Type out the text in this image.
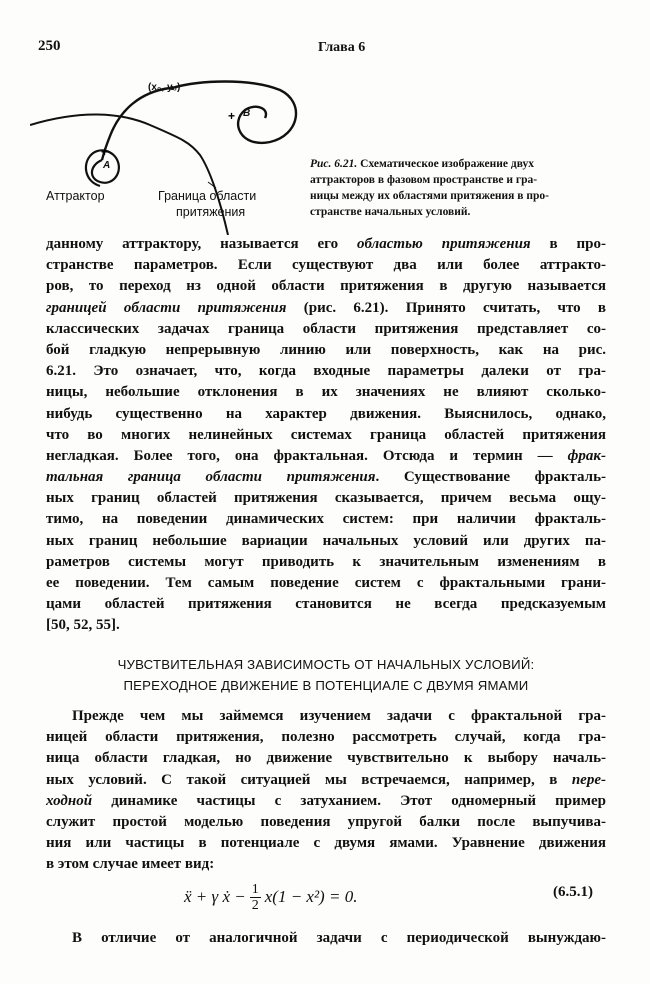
250	Глава 6
+
+
(x₀, y₀)
A
B
Аттрактор	Граница области
притяжения
Рис. 6.21. Схематическое изображение двух
аттракторов в фазовом пространстве и гра-
ницы между их областями притяжения в про-
странстве начальных условий.
данному аттрактору, называется его областью притяжения в про-
странстве параметров. Если существуют два или более аттракто-
ров, то переход нз одной области притяжения в другую называется
границей области притяжения (рис. 6.21). Принято считать, что в
классических задачах граница области притяжения представляет со-
бой гладкую непрерывную линию или поверхность, как на рис.
6.21. Это означает, что, когда входные параметры далеки от гра-
ницы, небольшие отклонения в их значениях не влияют сколько-
нибудь существенно на характер движения. Выяснилось, однако,
что во многих нелинейных системах граница областей притяжения
негладкая. Более того, она фрактальная. Отсюда и термин — фрак-
тальная граница области притяжения. Существование фракталь-
ных границ областей притяжения сказывается, причем весьма ощу-
тимо, на поведении динамических систем: при наличии фракталь-
ных границ небольшие вариации начальных условий или других па-
раметров системы могут приводить к значительным изменениям в
ее поведении. Тем самым поведение систем с фрактальными грани-
цами областей притяжения становится не всегда предсказуемым
[50, 52, 55].
ЧУВСТВИТЕЛЬНАЯ ЗАВИСИМОСТЬ ОТ НАЧАЛЬНЫХ УСЛОВИЙ:
ПЕРЕХОДНОЕ ДВИЖЕНИЕ В ПОТЕНЦИАЛЕ С ДВУМЯ ЯМАМИ
Прежде чем мы займемся изучением задачи с фрактальной гра-
ницей области притяжения, полезно рассмотреть случай, когда гра-
ница области гладкая, но движение чувствительно к выбору началь-
ных условий. С такой ситуацией мы встречаемся, например, в пере-
ходной динамике частицы с затуханием. Этот одномерный пример
служит простой моделью поведения упругой балки после выпучива-
ния или частицы в потенциале с двумя ямами. Уравнение движения
в этом случае имеет вид:
ẍ + γ ẋ − $\frac{1}{2} x(1 - x^2) = 0$.	(6.5.1)
В отличие от аналогичной задачи с периодической вынуждаю-
